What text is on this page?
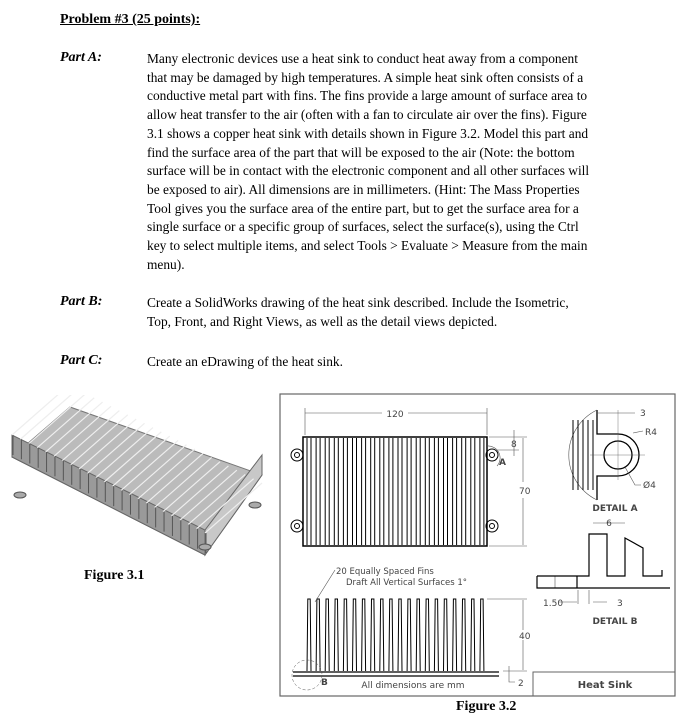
Problem #3 (25 points):
Part A:	Many electronic devices use a heat sink to conduct heat away from a component
that may be damaged by high temperatures. A simple heat sink often consists of a
conductive metal part with fins. The fins provide a large amount of surface area to
allow heat transfer to the air (often with a fan to circulate air over the fins). Figure
3.1 shows a copper heat sink with details shown in Figure 3.2. Model this part and
find the surface area of the part that will be exposed to the air (Note: the bottom
surface will be in contact with the electronic component and all other surfaces will
be exposed to air). All dimensions are in millimeters. (Hint: The Mass Properties
Tool gives you the surface area of the entire part, but to get the surface area for a
single surface or a specific group of surfaces, select the surface(s), using the Ctrl
key to select multiple items, and select Tools > Evaluate > Measure from the main
menu).
Part B:	Create a SolidWorks drawing of the heat sink described. Include the Isometric,
Top, Front, and Right Views, as well as the detail views depicted.
Part C:	Create an eDrawing of the heat sink.
Figure 3.1
120
8
70
A
3
R4
Ø4
DETAIL A
6
1.50	3
DETAIL B
20 Equally Spaced Fins
Draft All Vertical Surfaces 1°
40
2
B	All dimensions are mm	Heat Sink
Figure 3.2
